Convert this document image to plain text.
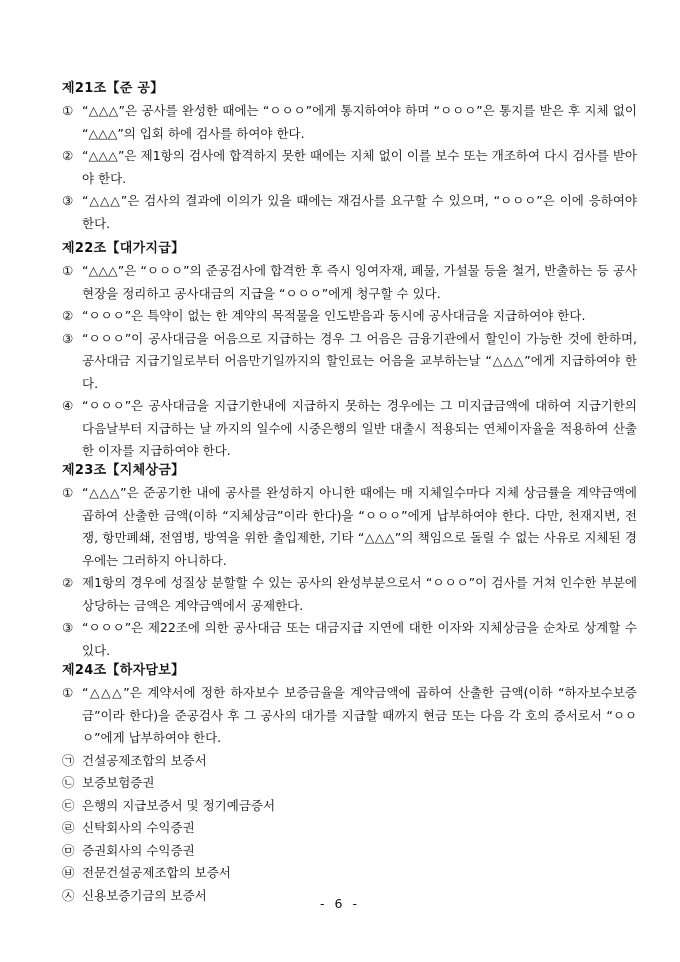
제21조【준 공】
① “△△△”은 공사를 완성한 때에는 “ㅇㅇㅇ”에게 통지하여야 하며 “ㅇㅇㅇ”은 통지를 받은 후 지체 없이 “△△△”의 입회 하에 검사를 하여야 한다.
② “△△△”은 제1항의 검사에 합격하지 못한 때에는 지체 없이 이를 보수 또는 개조하여 다시 검사를 받아야 한다.
③ “△△△”은 검사의 결과에 이의가 있을 때에는 재검사를 요구할 수 있으며, “ㅇㅇㅇ”은 이에 응하여야 한다.
제22조【대가지급】
① “△△△”은 “ㅇㅇㅇ”의 준공검사에 합격한 후 즉시 잉여자재, 폐물, 가설물 등을 철거, 반출하는 등 공사현장을 정리하고 공사대금의 지급을 “ㅇㅇㅇ”에게 청구할 수 있다.
② “ㅇㅇㅇ”은 특약이 없는 한 계약의 목적물을 인도받음과 동시에 공사대금을 지급하여야 한다.
③ “ㅇㅇㅇ”이 공사대금을 어음으로 지급하는 경우 그 어음은 금융기관에서 할인이 가능한 것에 한하며, 공사대금 지급기일로부터 어음만기일까지의 할인료는 어음을 교부하는날 “△△△”에게 지급하여야 한다.
④ “ㅇㅇㅇ”은 공사대금을 지급기한내에 지급하지 못하는 경우에는 그 미지급금액에 대하여 지급기한의 다음날부터 지급하는 날 까지의 일수에 시중은행의 일반 대출시 적용되는 연체이자율을 적용하여 산출한 이자를 지급하여야 한다.
제23조【지체상금】
① “△△△”은 준공기한 내에 공사를 완성하지 아니한 때에는 매 지체일수마다 지체 상금률을 계약금액에 곱하여 산출한 금액(이하 “지체상금”이라 한다)을 “ㅇㅇㅇ”에게 납부하여야 한다. 다만, 천재지변, 전쟁, 항만폐쇄, 전염병, 방역을 위한 출입제한, 기타 “△△△”의 책임으로 돌릴 수 없는 사유로 지체된 경우에는 그러하지 아니하다.
② 제1항의 경우에 성질상 분할할 수 있는 공사의 완성부분으로서 “ㅇㅇㅇ”이 검사를 거쳐 인수한 부분에 상당하는 금액은 계약금액에서 공제한다.
③ “ㅇㅇㅇ”은 제22조에 의한 공사대금 또는 대금지급 지연에 대한 이자와 지체상금을 순차로 상계할 수 있다.
제24조【하자담보】
① “△△△”은 계약서에 정한 하자보수 보증금율을 계약금액에 곱하여 산출한 금액(이하 “하자보수보증금”이라 한다)을 준공검사 후 그 공사의 대가를 지급할 때까지 현금 또는 다음 각 호의 증서로서 “ㅇㅇㅇ”에게 납부하여야 한다.
㉠ 건설공제조합의 보증서
㉡ 보증보험증권
㉢ 은행의 지급보증서 및 정기예금증서
㉣ 신탁회사의 수익증권
㉤ 증권회사의 수익증권
㉥ 전문건설공제조합의 보증서
㉦ 신용보증기금의 보증서
- 6 -
